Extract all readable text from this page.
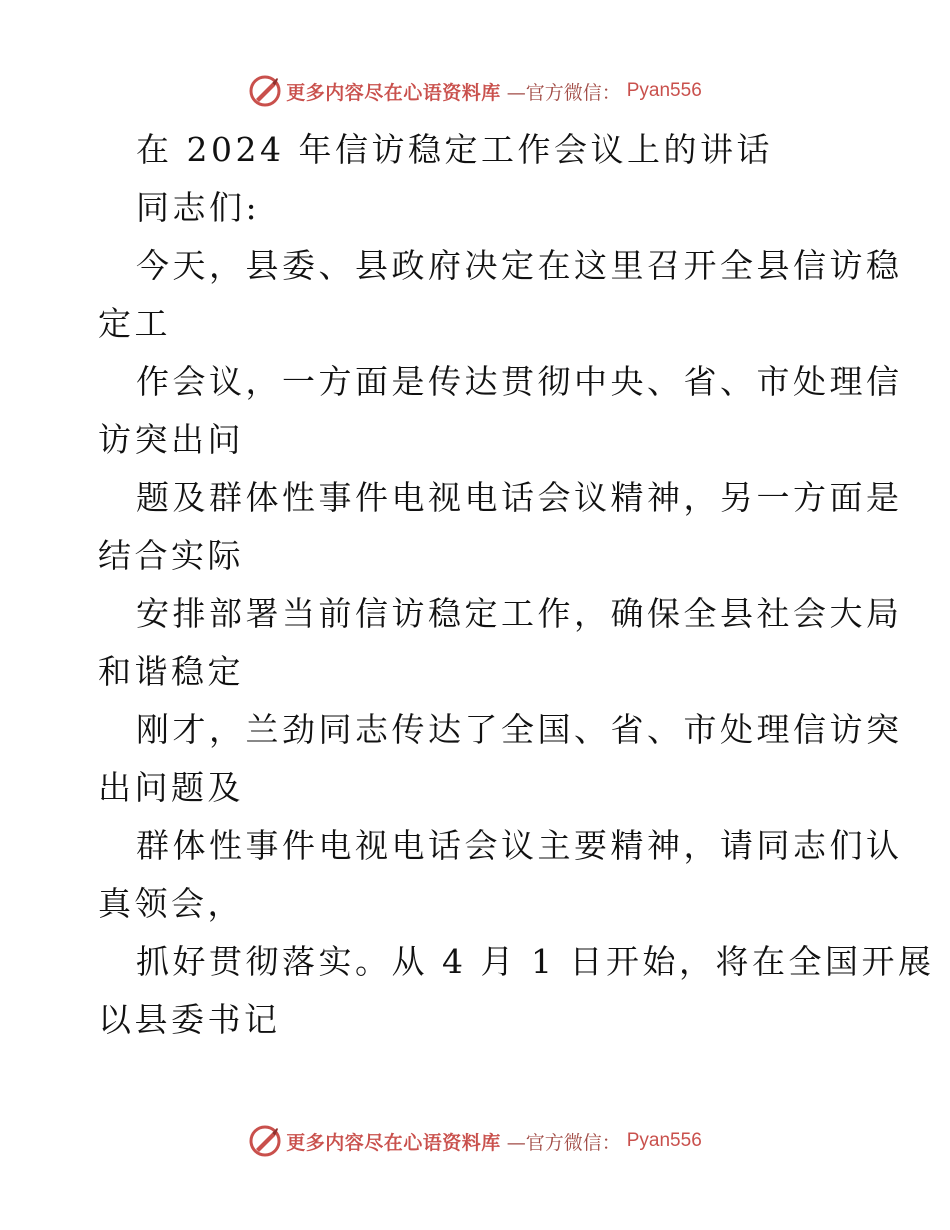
更多内容尽在心语资料库 —官方微信： Pyan556
在 2024 年信访稳定工作会议上的讲话
同志们:
今天，县委、县政府决定在这里召开全县信访稳
定工
作会议，一方面是传达贯彻中央、省、市处理信
访突出问
题及群体性事件电视电话会议精神，另一方面是
结合实际
安排部署当前信访稳定工作，确保全县社会大局
和谐稳定
刚才，兰劲同志传达了全国、省、市处理信访突
出问题及
群体性事件电视电话会议主要精神，请同志们认
真领会，
抓好贯彻落实。从 4 月 1 日开始，将在全国开展
以县委书记
更多内容尽在心语资料库 —官方微信： Pyan556
